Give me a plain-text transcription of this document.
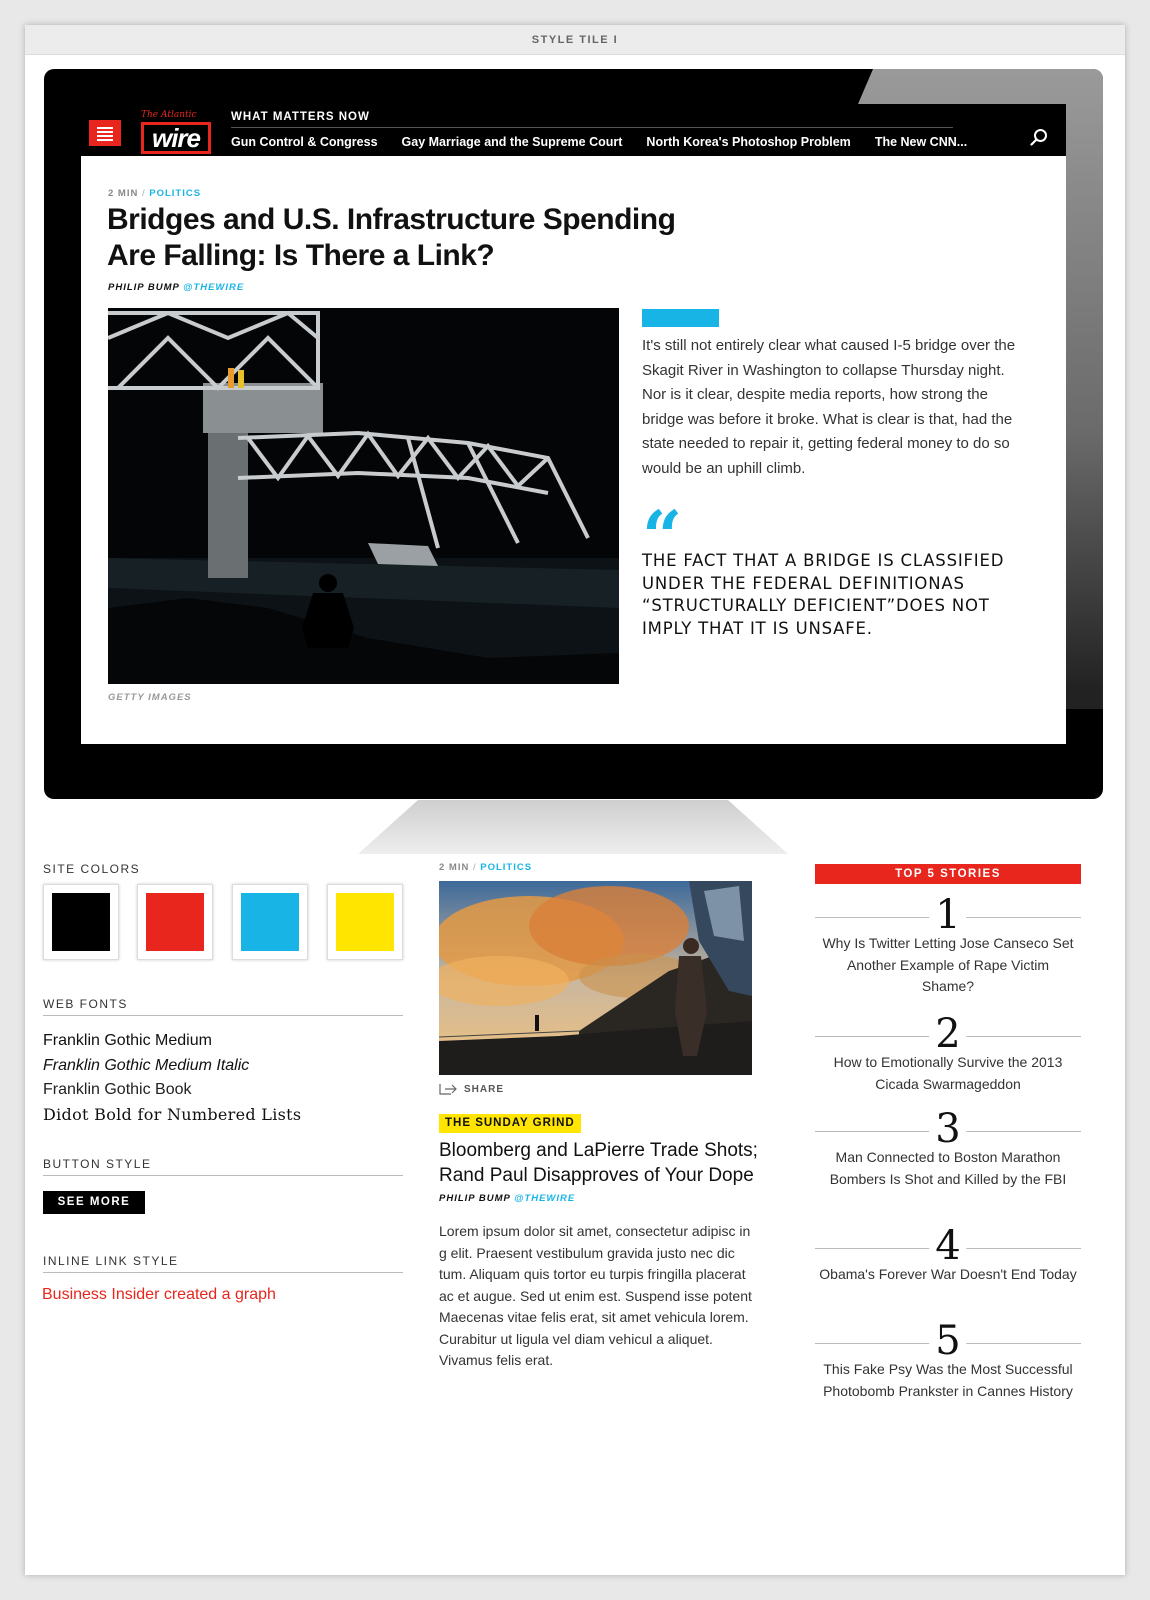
STYLE TILE I
The Atlantic
wire
WHAT MATTERS NOW
Gun Control & Congress Gay Marriage and the Supreme Court North Korea's Photoshop Problem The New CNN...
2 MIN / POLITICS
Bridges and U.S. Infrastructure Spending Are Falling: Is There a Link?
PHILIP BUMP @THEWIRE
GETTY IMAGES

It's still not entirely clear what caused I-5 bridge over the Skagit River in Washington to collapse Thursday night. Nor is it clear, despite media reports, how strong the bridge was before it broke. What is clear is that, had the state needed to repair it, getting federal money to do so would be an uphill climb.

“

THE FACT THAT A BRIDGE IS CLASSIFIED UNDER THE FEDERAL DEFINITIONAS “STRUCTURALLY DEFICIENT”DOES NOT IMPLY THAT IT IS UNSAFE.

SITE COLORS
WEB FONTS
Franklin Gothic Medium
Franklin Gothic Medium Italic
Franklin Gothic Book
Didot Bold for Numbered Lists
BUTTON STYLE
SEE MORE
INLINE LINK STYLE
Business Insider created a graph
2 MIN / POLITICS
SHARE
THE SUNDAY GRIND
Bloomberg and LaPierre Trade Shots; Rand Paul Disapproves of Your Dope
PHILIP BUMP @THEWIRE

Lorem ipsum dolor sit amet, consectetur adipisc in g elit. Praesent vestibulum gravida justo nec dic tum. Aliquam quis tortor eu turpis fringilla placerat ac et augue. Sed ut enim est. Suspend isse potent Maecenas vitae felis erat, sit amet vehicula lorem. Curabitur ut ligula vel diam vehicul a aliquet. Vivamus felis erat.

TOP 5 STORIES
1
Why Is Twitter Letting Jose Canseco Set Another Example of Rape Victim Shame?
2
How to Emotionally Survive the 2013 Cicada Swarmageddon
3
Man Connected to Boston Marathon Bombers Is Shot and Killed by the FBI
4
Obama's Forever War Doesn't End Today
5
This Fake Psy Was the Most Successful Photobomb Prankster in Cannes History
